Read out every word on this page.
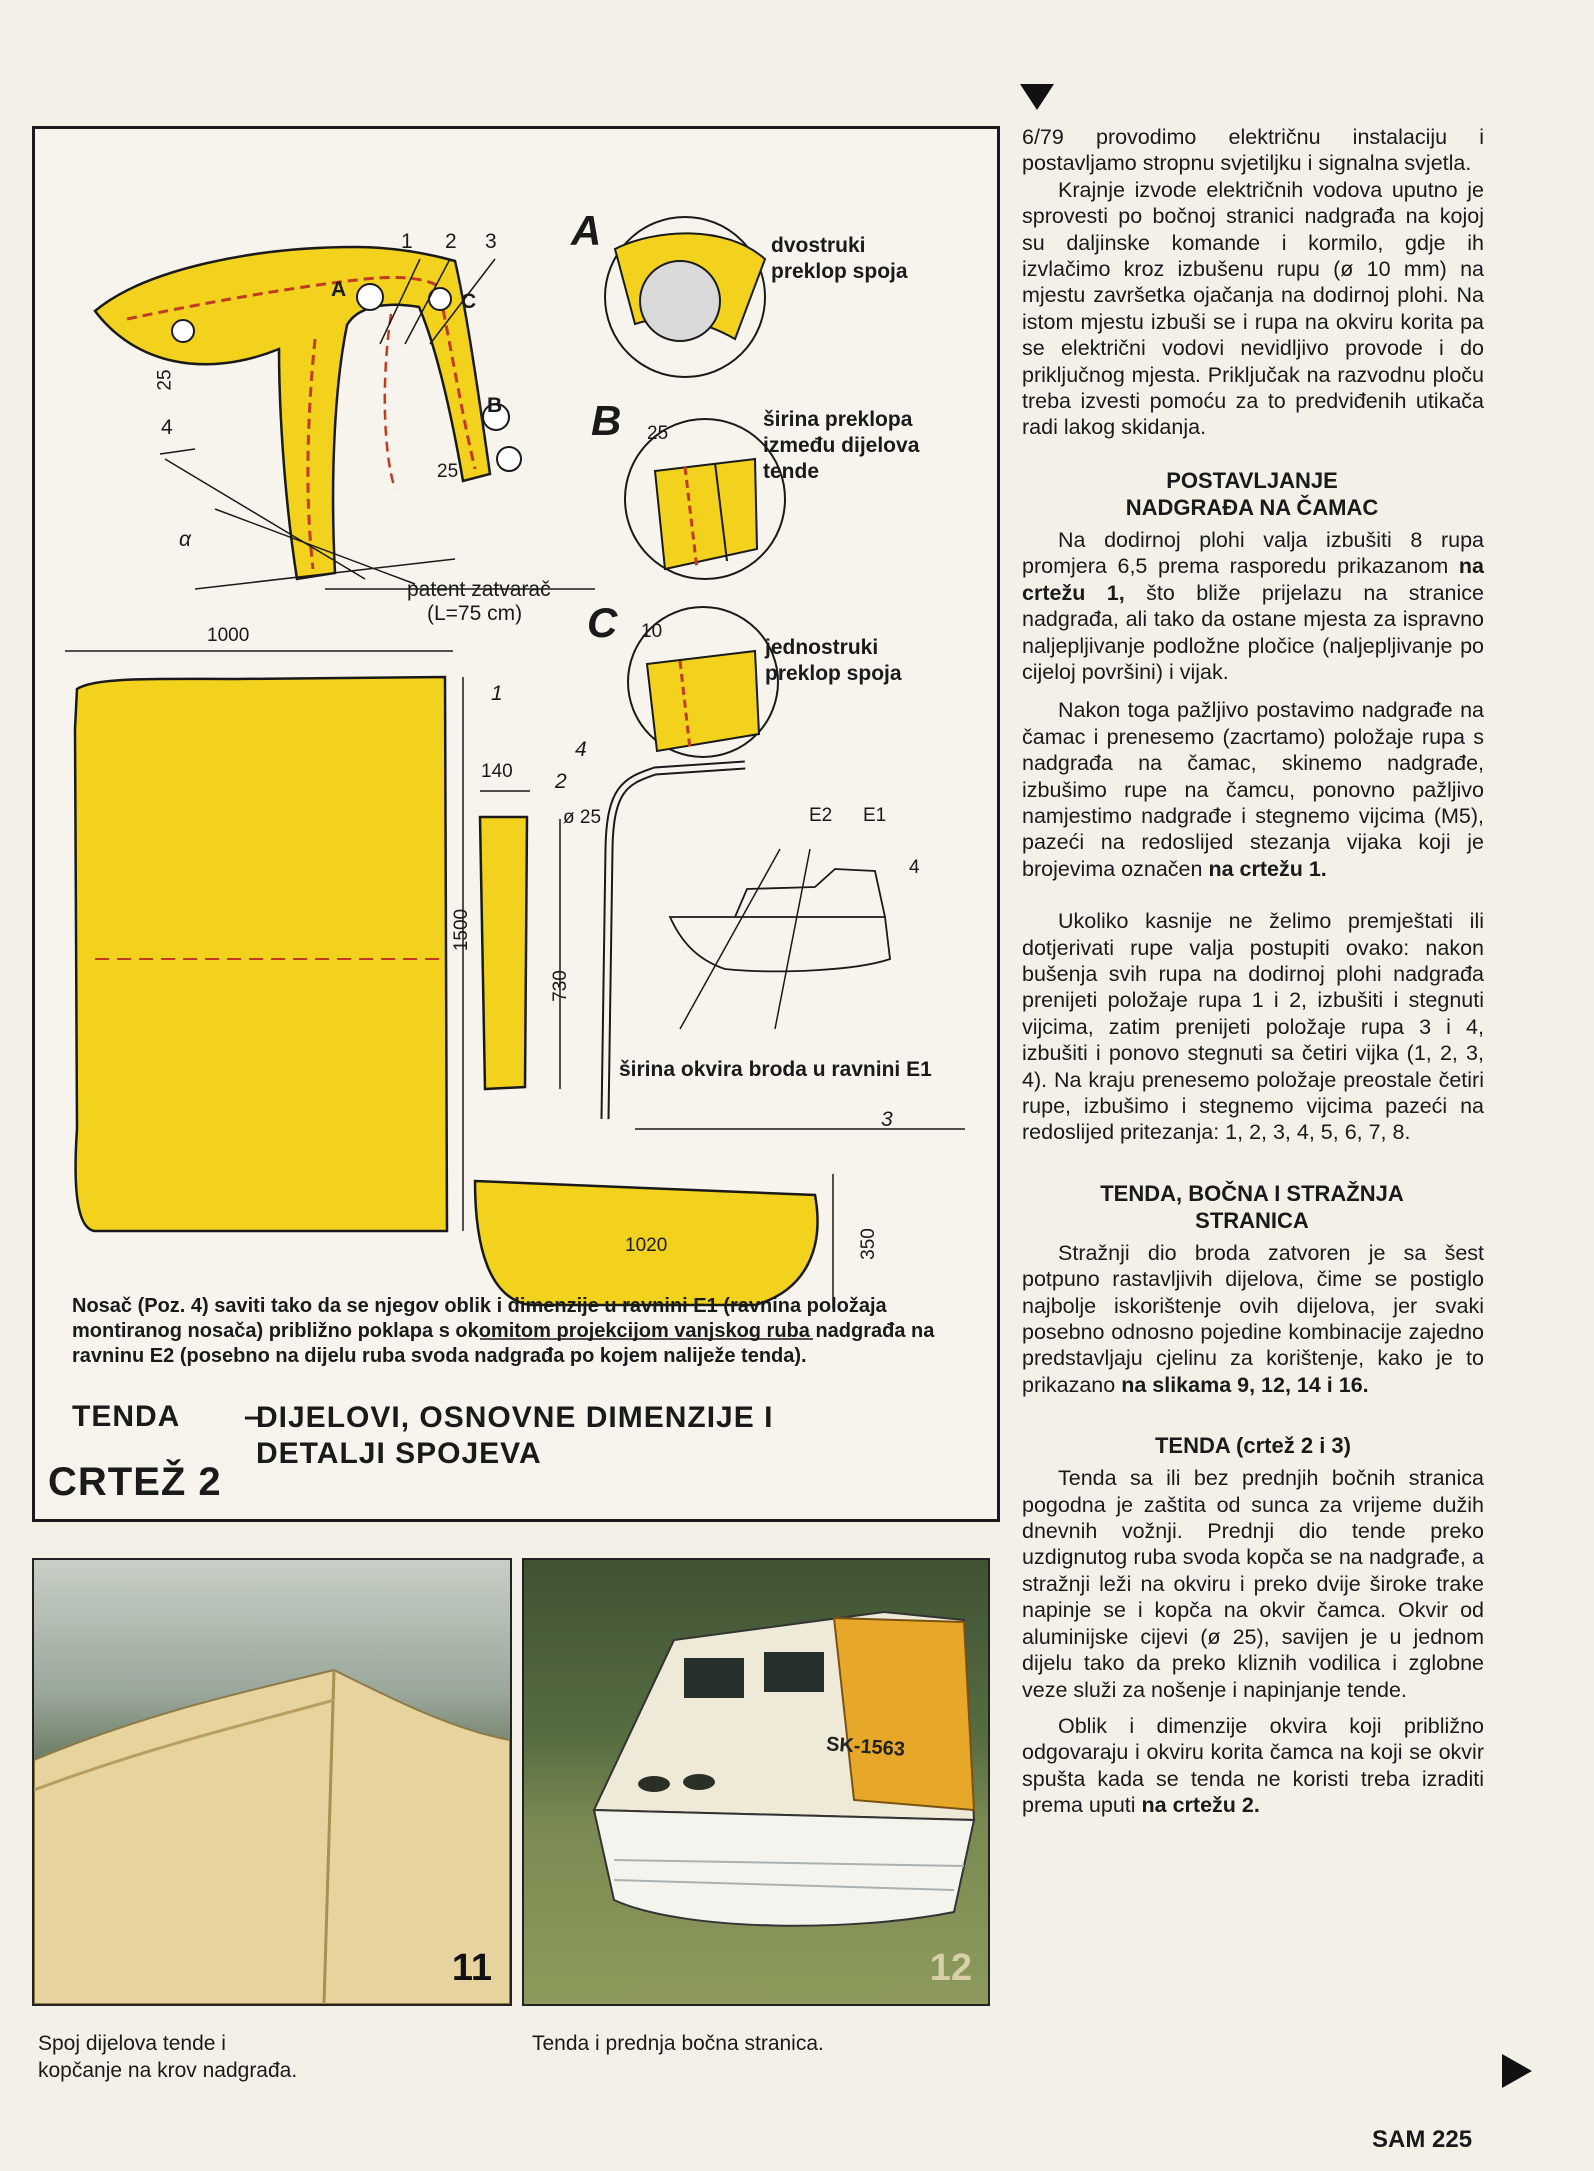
1 2 3
A
C
B
25
25
4
α
patent zatvarač
(L=75 cm)
1000
1
140 2
4
ø 25
1500
730
E2 E1
4
širina okvira broda u ravnini E1
3
350
1020
A	dvostruki
preklop spoja
B 25
širina preklopa
između dijelova
tende
C 10
jednostruki
preklop spoja
Nosač (Poz. 4) saviti tako da se njegov oblik i dimenzije u ravnini E1 (ravnina položaja montiranog nosača) približno poklapa s okomitom projekcijom vanjskog ruba nadgrađa na ravninu E2 (posebno na dijelu ruba svoda nadgrađa po kojem naliježe tenda).
TENDA –
DIJELOVI, OSNOVNE DIMENZIJE I DETALJI SPOJEVA
CRTEŽ 2
11
Spoj dijelova tende i
kopčanje na krov nadgrađa.
SK-1563
12
Tenda i prednja bočna stranica.

6/79 provodimo električnu instalaciju i postavljamo stropnu svjetiljku i signalna svjetla.

Krajnje izvode električnih vodova uputno je sprovesti po bočnoj stranici nadgrađa na kojoj su daljinske komande i kormilo, gdje ih izvlačimo kroz izbušenu rupu (ø 10 mm) na mjestu završetka ojačanja na dodirnoj plohi. Na istom mjestu izbuši se i rupa na okviru korita pa se električni vodovi nevidljivo provode i do priključnog mjesta. Priključak na razvodnu ploču treba izvesti pomoću za to predviđenih utikača radi lakog skidanja.

POSTAVLJANJE NADGRAĐA NA ČAMAC

Na dodirnoj plohi valja izbušiti 8 rupa promjera 6,5 prema rasporedu prikazanom na crtežu 1, što bliže prijelazu na stranice nadgrađa, ali tako da ostane mjesta za ispravno naljepljivanje podložne pločice (naljepljivanje po cijeloj površini) i vijak.

Nakon toga pažljivo postavimo nadgrađe na čamac i prenesemo (zacrtamo) položaje rupa s nadgrađa na čamac, skinemo nadgrađe, izbušimo rupe na čamcu, ponovno pažljivo namjestimo nadgrađe i stegnemo vijcima (M5), pazeći na redoslijed stezanja vijaka koji je brojevima označen na crtežu 1.

Ukoliko kasnije ne želimo premještati ili dotjerivati rupe valja postupiti ovako: nakon bušenja svih rupa na dodirnoj plohi nadgrađa prenijeti položaje rupa 1 i 2, izbušiti i stegnuti vijcima, zatim prenijeti položaje rupa 3 i 4, izbušiti i ponovo stegnuti sa četiri vijka (1, 2, 3, 4). Na kraju prenesemo položaje preostale četiri rupe, izbušimo i stegnemo vijcima pazeći na redoslijed pritezanja: 1, 2, 3, 4, 5, 6, 7, 8.

TENDA, BOČNA I STRAŽNJA STRANICA

Stražnji dio broda zatvoren je sa šest potpuno rastavljivih dijelova, čime se postiglo najbolje iskorištenje ovih dijelova, jer svaki posebno odnosno pojedine kombinacije zajedno predstavljaju cjelinu za korištenje, kako je to prikazano na slikama 9, 12, 14 i 16.

TENDA (crtež 2 i 3)

Tenda sa ili bez prednjih bočnih stranica pogodna je zaštita od sunca za vrijeme dužih dnevnih vožnji. Prednji dio tende preko uzdignutog ruba svoda kopča se na nadgrađe, a stražnji leži na okviru i preko dvije široke trake napinje se i kopča na okvir čamca. Okvir od aluminijske cijevi (ø 25), savijen je u jednom dijelu tako da preko kliznih vodilica i zglobne veze služi za nošenje i napinjanje tende.

Oblik i dimenzije okvira koji približno odgovaraju i okviru korita čamca na koji se okvir spušta kada se tenda ne koristi treba izraditi prema uputi na crtežu 2.

SAM 225
